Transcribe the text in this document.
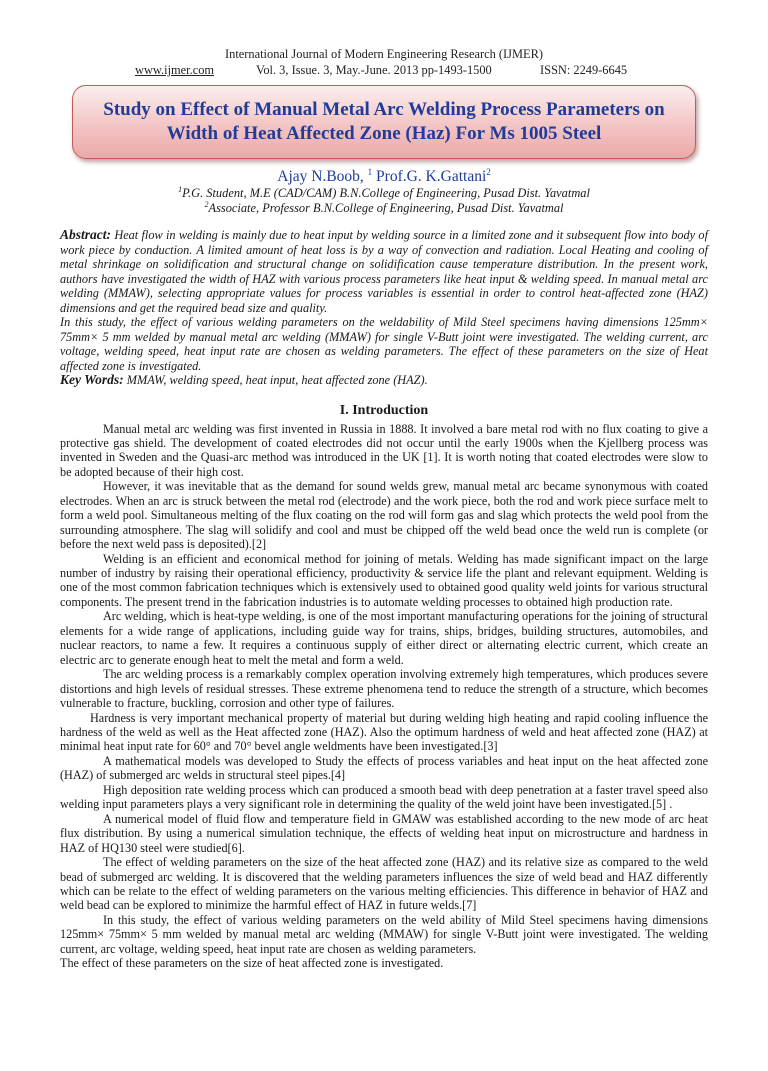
International Journal of Modern Engineering Research (IJMER)
www.ijmer.com	Vol. 3, Issue. 3, May.-June. 2013 pp-1493-1500	ISSN: 2249-6645
Study on Effect of Manual Metal Arc Welding Process Parameters on Width of Heat Affected Zone (Haz) For Ms 1005 Steel
Ajay N.Boob, $^1$ Prof.G. K.Gattani$^2$
$^1$P.G. Student, M.E (CAD/CAM) B.N.College of Engineering, Pusad Dist. Yavatmal
$^2$Associate, Professor B.N.College of Engineering, Pusad Dist. Yavatmal

Abstract: Heat flow in welding is mainly due to heat input by welding source in a limited zone and it subsequent flow into body of work piece by conduction. A limited amount of heat loss is by a way of convection and radiation. Local Heating and cooling of metal shrinkage on solidification and structural change on solidification cause temperature distribution. In the present work, authors have investigated the width of HAZ with various process parameters like heat input & welding speed. In manual metal arc welding (MMAW), selecting appropriate values for process variables is essential in order to control heat-affected zone (HAZ) dimensions and get the required bead size and quality.

In this study, the effect of various welding parameters on the weldability of Mild Steel specimens having dimensions 125mm× 75mm× 5 mm welded by manual metal arc welding (MMAW) for single V-Butt joint were investigated. The welding current, arc voltage, welding speed, heat input rate are chosen as welding parameters. The effect of these parameters on the size of Heat affected zone is investigated.

Key Words: MMAW, welding speed, heat input, heat affected zone (HAZ).

I. Introduction

Manual metal arc welding was first invented in Russia in 1888. It involved a bare metal rod with no flux coating to give a protective gas shield. The development of coated electrodes did not occur until the early 1900s when the Kjellberg process was invented in Sweden and the Quasi-arc method was introduced in the UK [1]. It is worth noting that coated electrodes were slow to be adopted because of their high cost.

However, it was inevitable that as the demand for sound welds grew, manual metal arc became synonymous with coated electrodes. When an arc is struck between the metal rod (electrode) and the work piece, both the rod and work piece surface melt to form a weld pool. Simultaneous melting of the flux coating on the rod will form gas and slag which protects the weld pool from the surrounding atmosphere. The slag will solidify and cool and must be chipped off the weld bead once the weld run is complete (or before the next weld pass is deposited).[2]

Welding is an efficient and economical method for joining of metals. Welding has made significant impact on the large number of industry by raising their operational efficiency, productivity & service life the plant and relevant equipment. Welding is one of the most common fabrication techniques which is extensively used to obtained good quality weld joints for various structural components. The present trend in the fabrication industries is to automate welding processes to obtained high production rate.

Arc welding, which is heat-type welding, is one of the most important manufacturing operations for the joining of structural elements for a wide range of applications, including guide way for trains, ships, bridges, building structures, automobiles, and nuclear reactors, to name a few. It requires a continuous supply of either direct or alternating electric current, which create an electric arc to generate enough heat to melt the metal and form a weld.

The arc welding process is a remarkably complex operation involving extremely high temperatures, which produces severe distortions and high levels of residual stresses. These extreme phenomena tend to reduce the strength of a structure, which becomes vulnerable to fracture, buckling, corrosion and other type of failures.

Hardness is very important mechanical property of material but during welding high heating and rapid cooling influence the hardness of the weld as well as the Heat affected zone (HAZ). Also the optimum hardness of weld and heat affected zone (HAZ) at minimal heat input rate for 60° and 70° bevel angle weldments have been investigated.[3]

A mathematical models was developed to Study the effects of process variables and heat input on the heat affected zone (HAZ) of submerged arc welds in structural steel pipes.[4]

High deposition rate welding process which can produced a smooth bead with deep penetration at a faster travel speed also welding input parameters plays a very significant role in determining the quality of the weld joint have been investigated.[5] .

A numerical model of fluid flow and temperature field in GMAW was established according to the new mode of arc heat flux distribution. By using a numerical simulation technique, the effects of welding heat input on microstructure and hardness in HAZ of HQ130 steel were studied[6].

The effect of welding parameters on the size of the heat affected zone (HAZ) and its relative size as compared to the weld bead of submerged arc welding. It is discovered that the welding parameters influences the size of weld bead and HAZ differently which can be relate to the effect of welding parameters on the various melting efficiencies. This difference in behavior of HAZ and weld bead can be explored to minimize the harmful effect of HAZ in future welds.[7]

In this study, the effect of various welding parameters on the weld ability of Mild Steel specimens having dimensions 125mm× 75mm× 5 mm welded by manual metal arc welding (MMAW) for single V-Butt joint were investigated. The welding current, arc voltage, welding speed, heat input rate are chosen as welding parameters.

The effect of these parameters on the size of heat affected zone is investigated.
